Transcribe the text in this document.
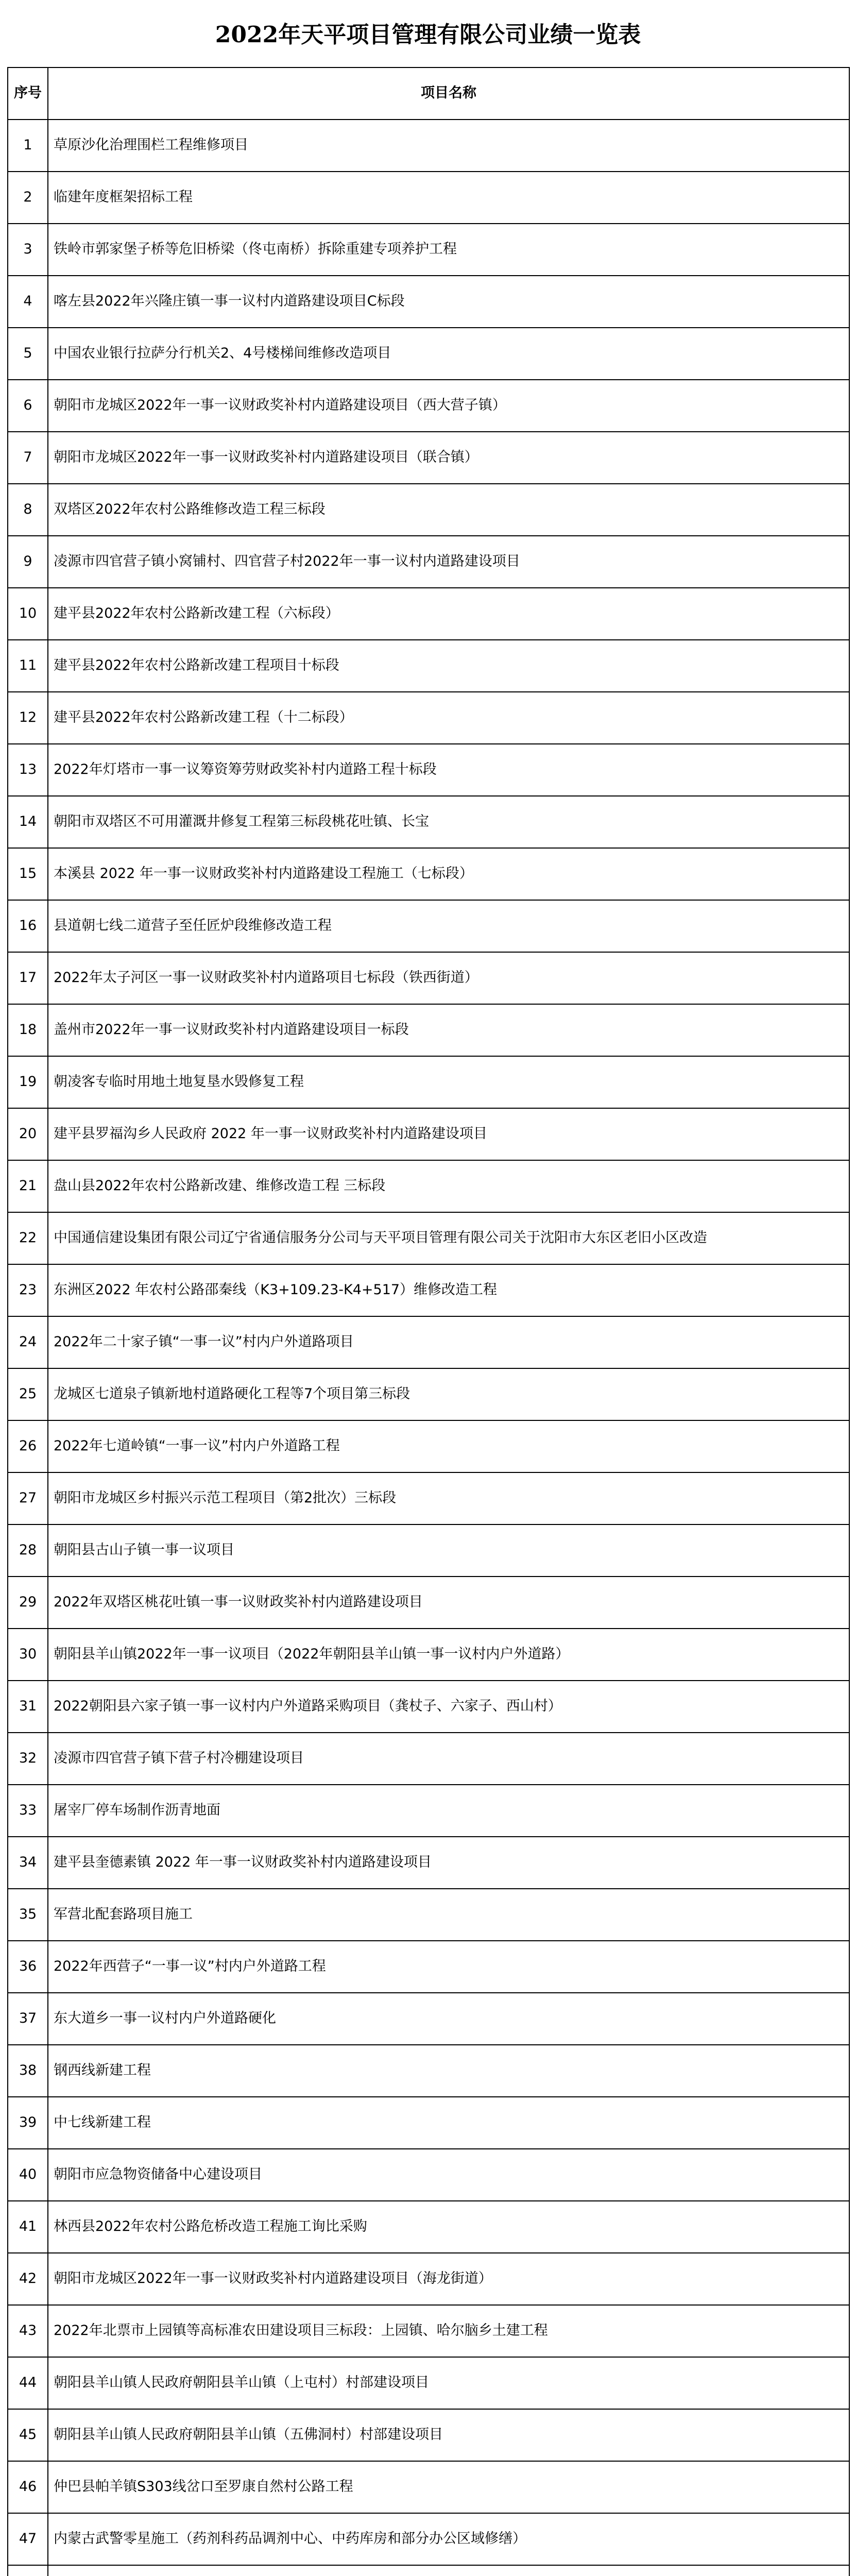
2022年天平项目管理有限公司业绩一览表
序号	项目名称
1	草原沙化治理围栏工程维修项目
2	临建年度框架招标工程
3	铁岭市郭家堡子桥等危旧桥梁（佟屯南桥）拆除重建专项养护工程
4	喀左县2022年兴隆庄镇一事一议村内道路建设项目C标段
5	中国农业银行拉萨分行机关2、4号楼梯间维修改造项目
6	朝阳市龙城区2022年一事一议财政奖补村内道路建设项目（西大营子镇）
7	朝阳市龙城区2022年一事一议财政奖补村内道路建设项目（联合镇）
8	双塔区2022年农村公路维修改造工程三标段
9	凌源市四官营子镇小窝铺村、四官营子村2022年一事一议村内道路建设项目
10	建平县2022年农村公路新改建工程（六标段）
11	建平县2022年农村公路新改建工程项目十标段
12	建平县2022年农村公路新改建工程（十二标段）
13	2022年灯塔市一事一议筹资筹劳财政奖补村内道路工程十标段
14	朝阳市双塔区不可用灌溉井修复工程第三标段桃花吐镇、长宝
15	本溪县 2022 年一事一议财政奖补村内道路建设工程施工（七标段）
16	县道朝七线二道营子至任匠炉段维修改造工程
17	2022年太子河区一事一议财政奖补村内道路项目七标段（铁西街道）
18	盖州市2022年一事一议财政奖补村内道路建设项目一标段
19	朝凌客专临时用地土地复垦水毁修复工程
20	建平县罗福沟乡人民政府 2022 年一事一议财政奖补村内道路建设项目
21	盘山县2022年农村公路新改建、维修改造工程 三标段
22	中国通信建设集团有限公司辽宁省通信服务分公司与天平项目管理有限公司关于沈阳市大东区老旧小区改造
23	东洲区2022 年农村公路邵秦线（K3+109.23-K4+517）维修改造工程
24	2022年二十家子镇“一事一议”村内户外道路项目
25	龙城区七道泉子镇新地村道路硬化工程等7个项目第三标段
26	2022年七道岭镇“一事一议”村内户外道路工程
27	朝阳市龙城区乡村振兴示范工程项目（第2批次）三标段
28	朝阳县古山子镇一事一议项目
29	2022年双塔区桃花吐镇一事一议财政奖补村内道路建设项目
30	朝阳县羊山镇2022年一事一议项目（2022年朝阳县羊山镇一事一议村内户外道路）
31	2022朝阳县六家子镇一事一议村内户外道路采购项目（龚杖子、六家子、西山村）
32	凌源市四官营子镇下营子村冷棚建设项目
33	屠宰厂停车场制作沥青地面
34	建平县奎德素镇 2022 年一事一议财政奖补村内道路建设项目
35	军营北配套路项目施工
36	2022年西营子“一事一议”村内户外道路工程
37	东大道乡一事一议村内户外道路硬化
38	钢西线新建工程
39	中七线新建工程
40	朝阳市应急物资储备中心建设项目
41	林西县2022年农村公路危桥改造工程施工询比采购
42	朝阳市龙城区2022年一事一议财政奖补村内道路建设项目（海龙街道）
43	2022年北票市上园镇等高标准农田建设项目三标段：上园镇、哈尔脑乡土建工程
44	朝阳县羊山镇人民政府朝阳县羊山镇（上屯村）村部建设项目
45	朝阳县羊山镇人民政府朝阳县羊山镇（五佛洞村）村部建设项目
46	仲巴县帕羊镇S303线岔口至罗康自然村公路工程
47	内蒙古武警零星施工（药剂科药品调剂中心、中药库房和部分办公区域修缮）
